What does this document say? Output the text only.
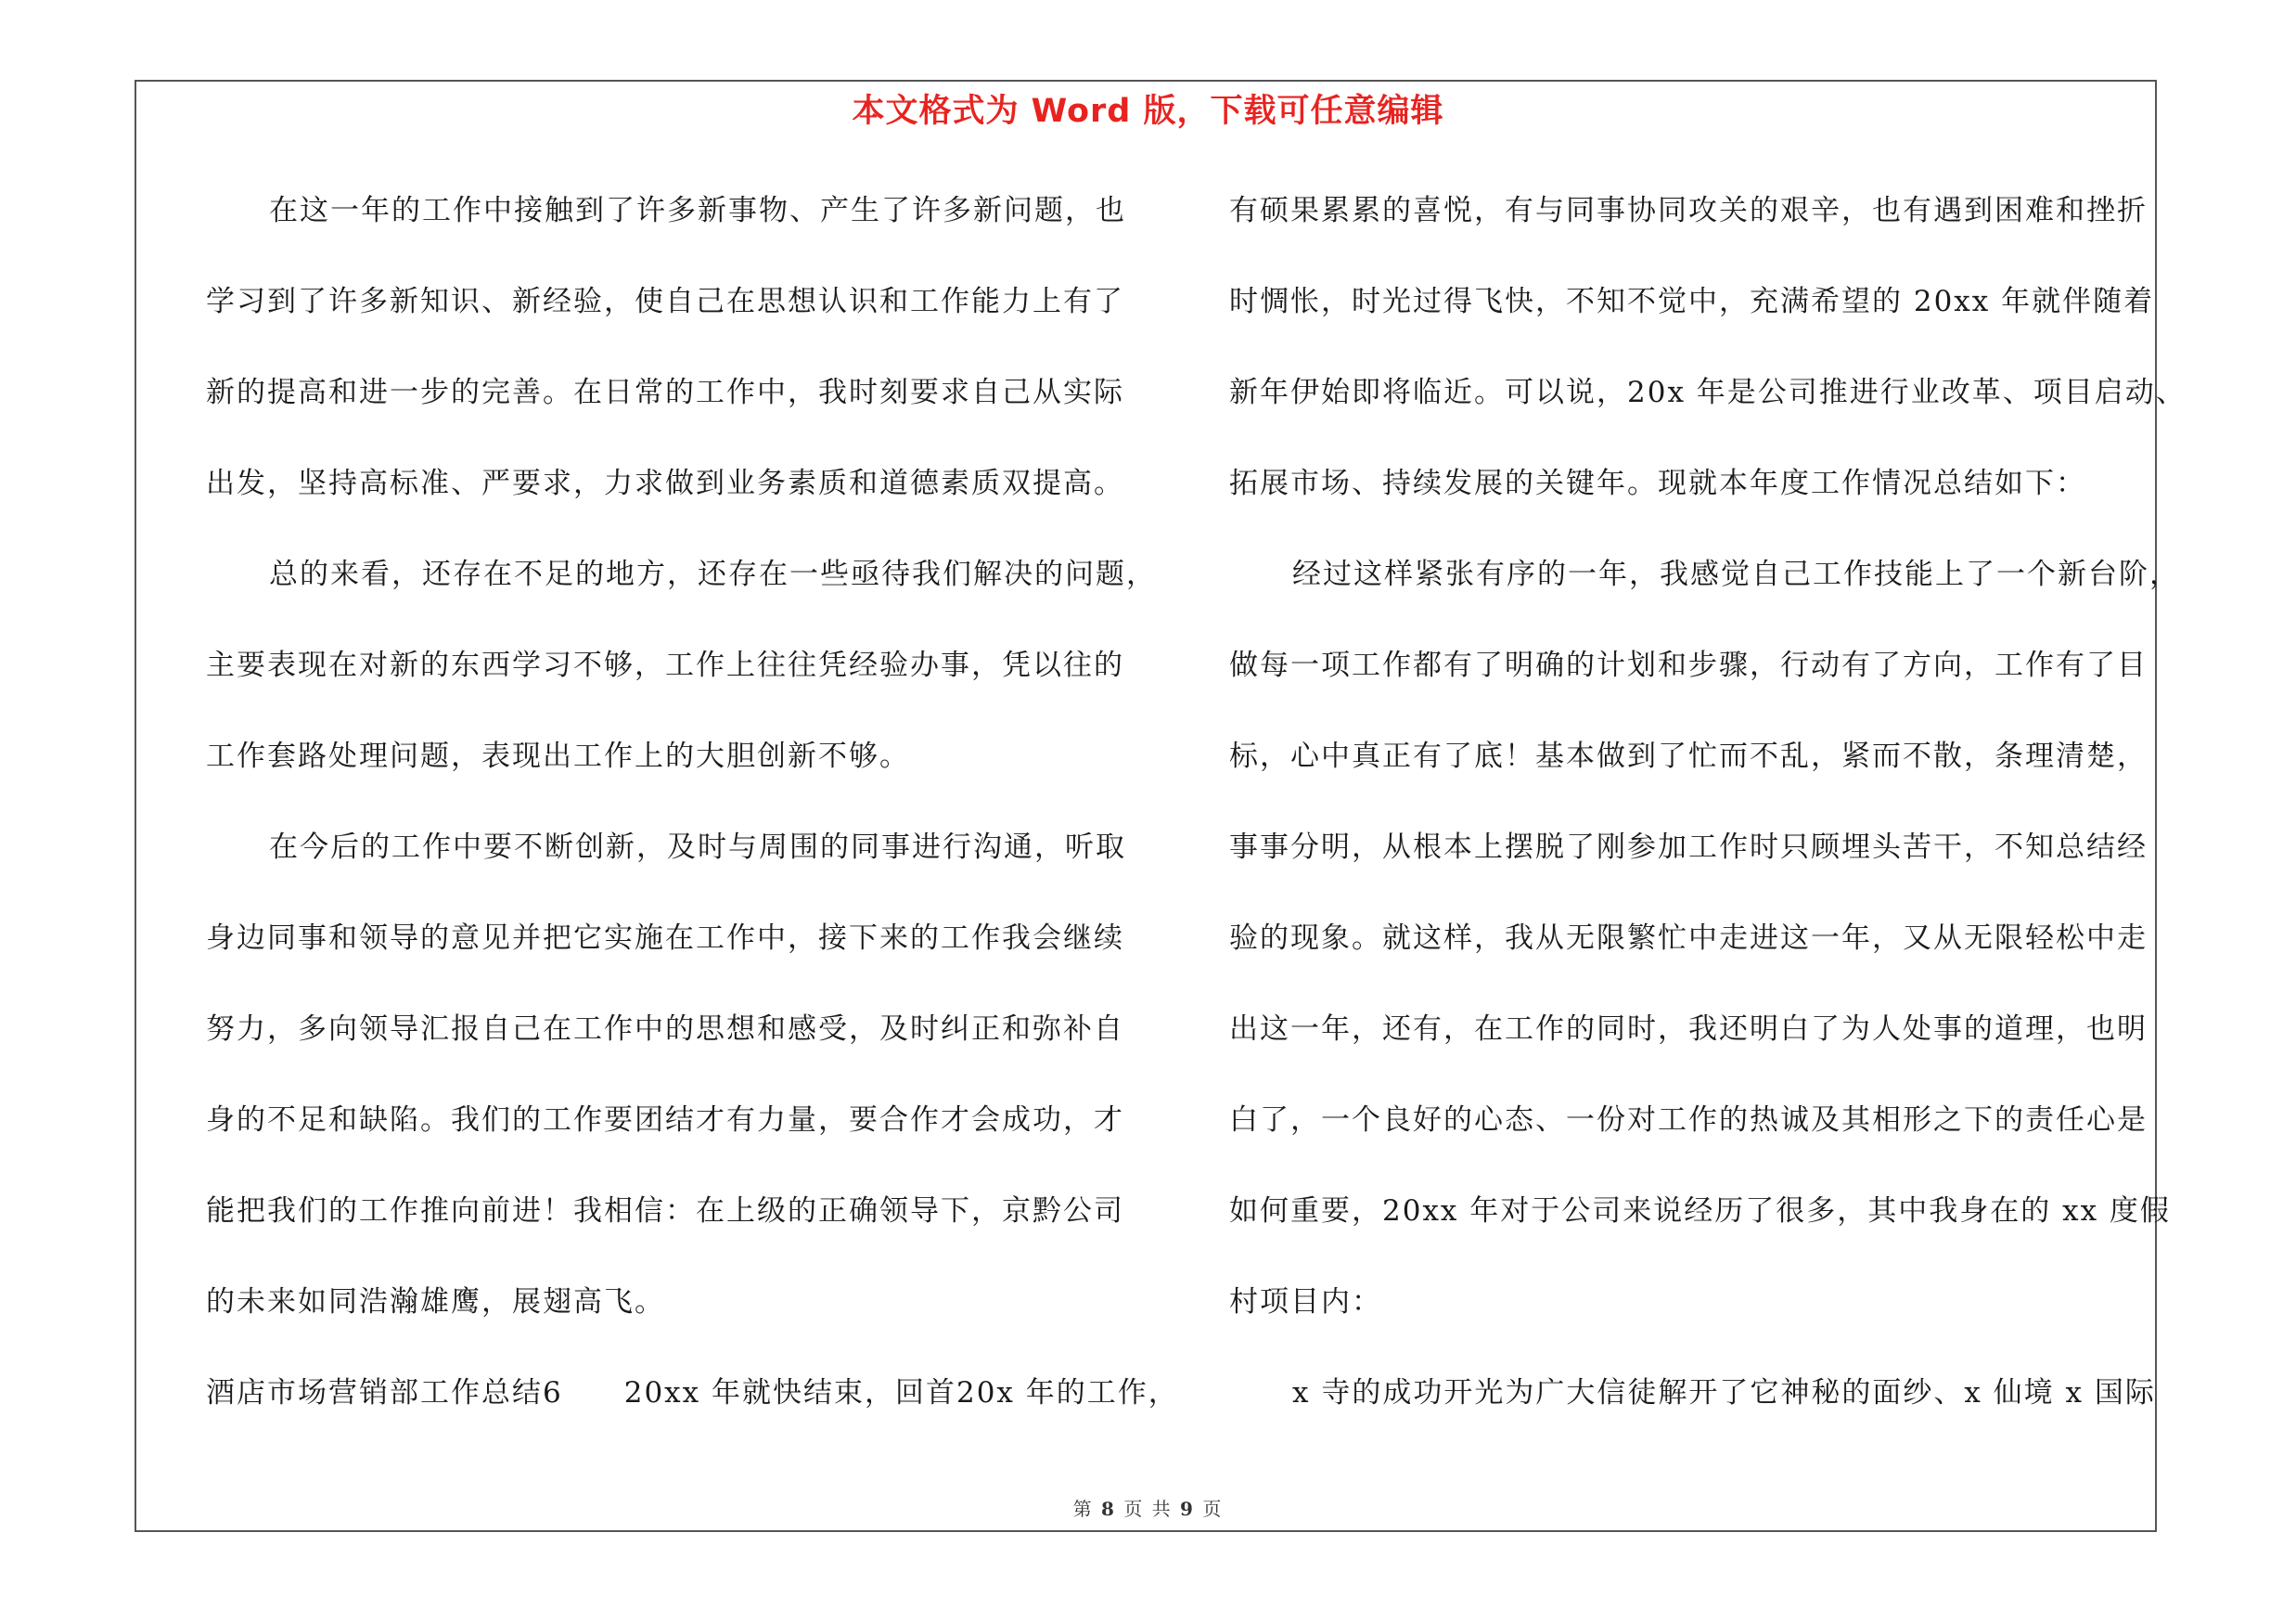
本文格式为 Word 版，下载可任意编辑
在这一年的工作中接触到了许多新事物、产生了许多新问题，也
学习到了许多新知识、新经验，使自己在思想认识和工作能力上有了
新的提高和进一步的完善。在日常的工作中，我时刻要求自己从实际
出发，坚持高标准、严要求，力求做到业务素质和道德素质双提高。
总的来看，还存在不足的地方，还存在一些亟待我们解决的问题，
主要表现在对新的东西学习不够，工作上往往凭经验办事，凭以往的
工作套路处理问题，表现出工作上的大胆创新不够。
在今后的工作中要不断创新，及时与周围的同事进行沟通，听取
身边同事和领导的意见并把它实施在工作中，接下来的工作我会继续
努力，多向领导汇报自己在工作中的思想和感受，及时纠正和弥补自
身的不足和缺陷。我们的工作要团结才有力量，要合作才会成功，才
能把我们的工作推向前进！我相信：在上级的正确领导下，京黔公司
的未来如同浩瀚雄鹰，展翅高飞。
酒店市场营销部工作总结6　　20xx 年就快结束，回首20x 年的工作，
有硕果累累的喜悦，有与同事协同攻关的艰辛，也有遇到困难和挫折
时惆怅，时光过得飞快，不知不觉中，充满希望的 20xx 年就伴随着
新年伊始即将临近。可以说，20x 年是公司推进行业改革、项目启动、
拓展市场、持续发展的关键年。现就本年度工作情况总结如下：
经过这样紧张有序的一年，我感觉自己工作技能上了一个新台阶，
做每一项工作都有了明确的计划和步骤，行动有了方向，工作有了目
标，心中真正有了底！基本做到了忙而不乱，紧而不散，条理清楚，
事事分明，从根本上摆脱了刚参加工作时只顾埋头苦干，不知总结经
验的现象。就这样，我从无限繁忙中走进这一年，又从无限轻松中走
出这一年，还有，在工作的同时，我还明白了为人处事的道理，也明
白了，一个良好的心态、一份对工作的热诚及其相形之下的责任心是
如何重要，20xx 年对于公司来说经历了很多，其中我身在的 xx 度假
村项目内：
x 寺的成功开光为广大信徒解开了它神秘的面纱、x 仙境 x 国际
第 8 页 共 9 页
